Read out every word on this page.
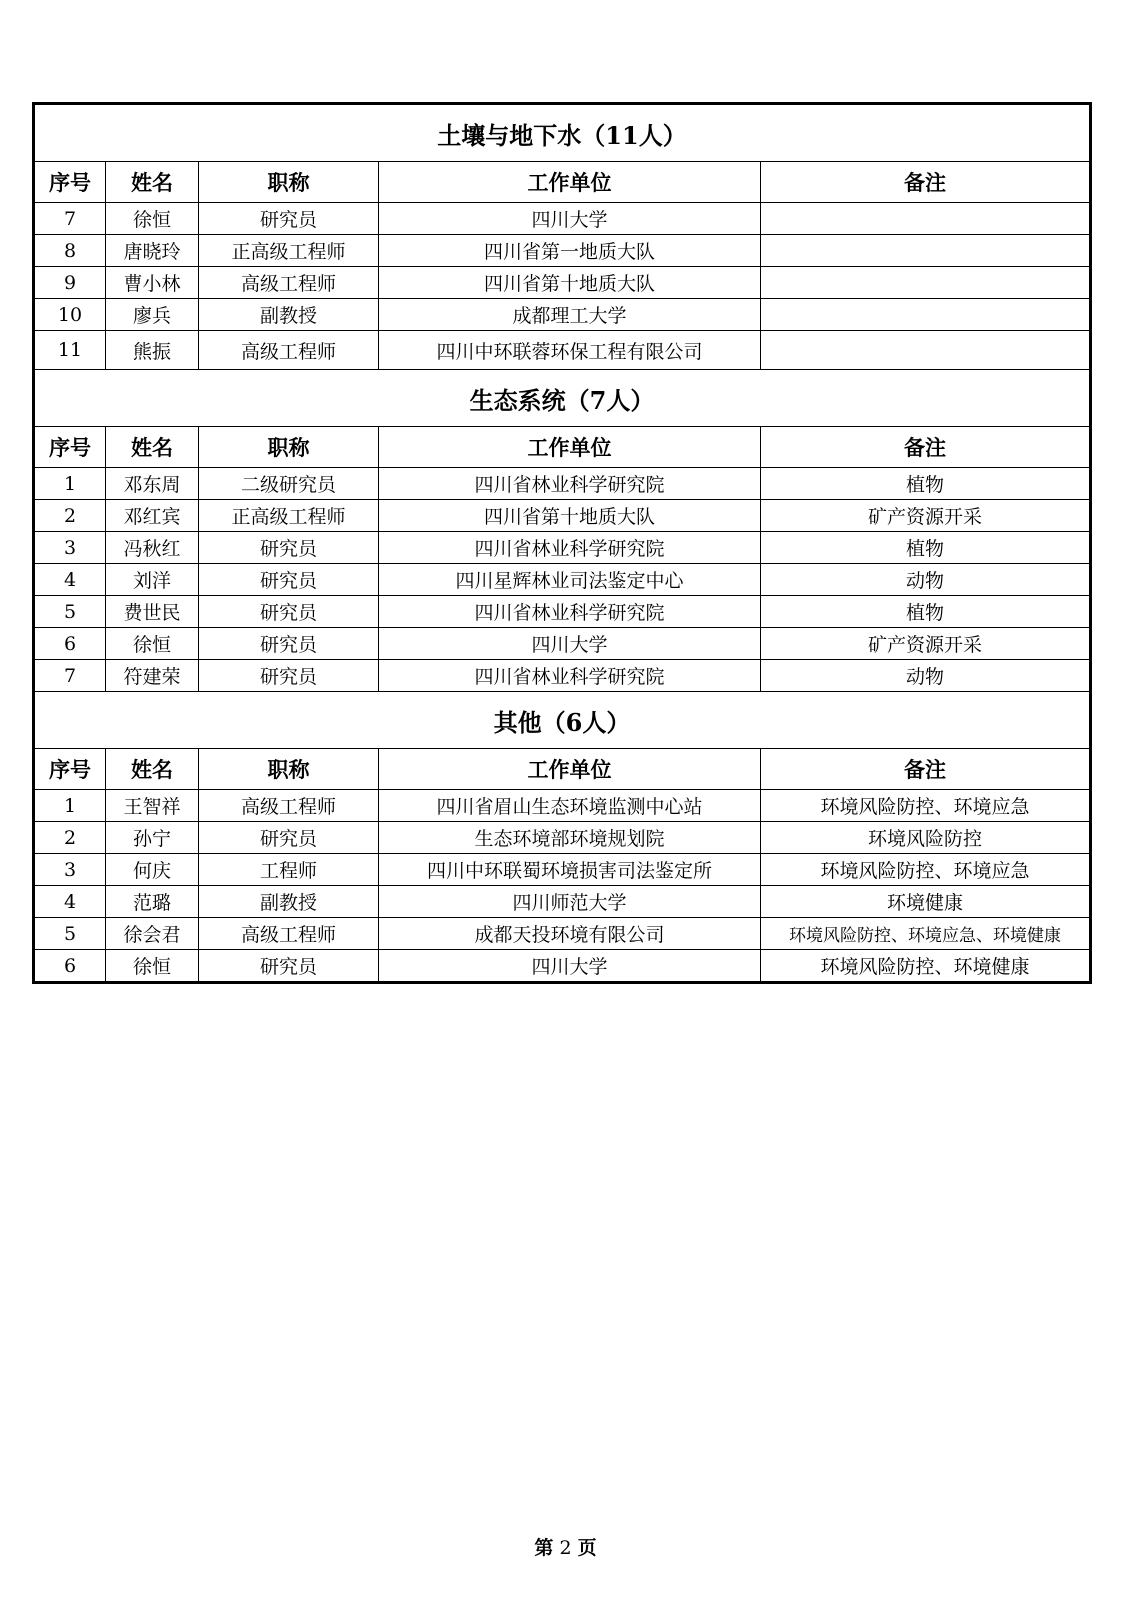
土壤与地下水（11人）				
序号	姓名	职称	工作单位	备注
7	徐恒	研究员	四川大学	
8	唐晓玲	正高级工程师	四川省第一地质大队	
9	曹小林	高级工程师	四川省第十地质大队	
10	廖兵	副教授	成都理工大学	
11	熊振	高级工程师	四川中环联蓉环保工程有限公司	
生态系统（7人）				
序号	姓名	职称	工作单位	备注
1	邓东周	二级研究员	四川省林业科学研究院	植物
2	邓红宾	正高级工程师	四川省第十地质大队	矿产资源开采
3	冯秋红	研究员	四川省林业科学研究院	植物
4	刘洋	研究员	四川星辉林业司法鉴定中心	动物
5	费世民	研究员	四川省林业科学研究院	植物
6	徐恒	研究员	四川大学	矿产资源开采
7	符建荣	研究员	四川省林业科学研究院	动物
其他（6人）				
序号	姓名	职称	工作单位	备注
1	王智祥	高级工程师	四川省眉山生态环境监测中心站	环境风险防控、环境应急
2	孙宁	研究员	生态环境部环境规划院	环境风险防控
3	何庆	工程师	四川中环联蜀环境损害司法鉴定所	环境风险防控、环境应急
4	范璐	副教授	四川师范大学	环境健康
5	徐会君	高级工程师	成都天投环境有限公司	环境风险防控、环境应急、环境健康
6	徐恒	研究员	四川大学	环境风险防控、环境健康
第 2 页
